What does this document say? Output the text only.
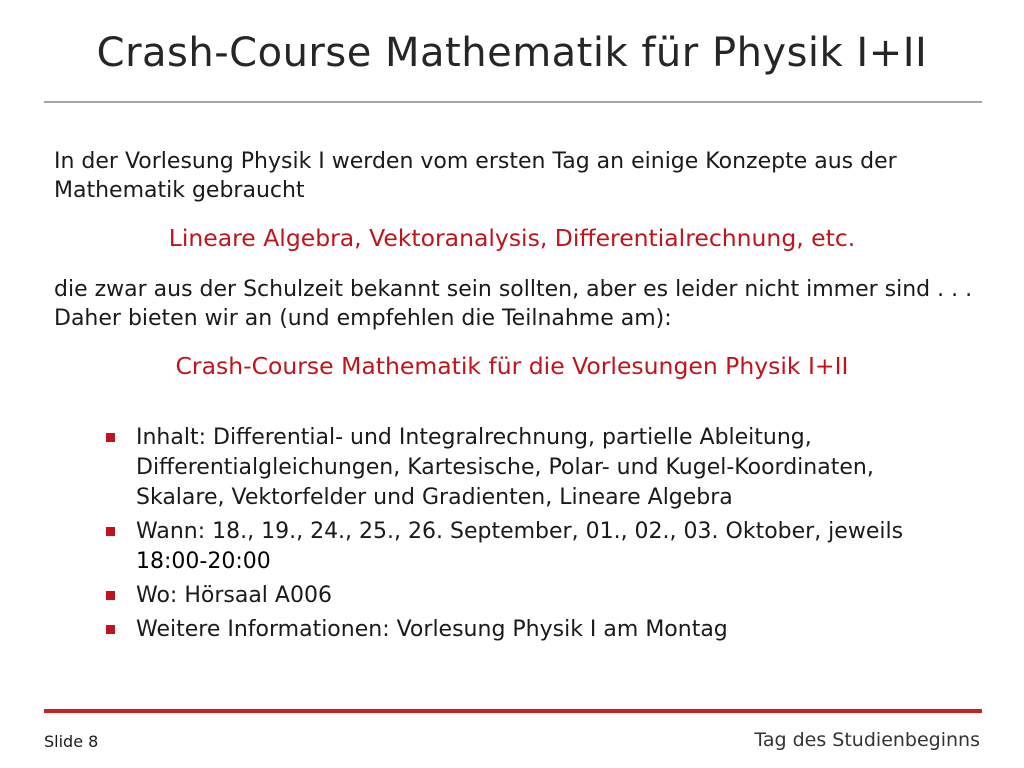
Crash-Course Mathematik für Physik I+II
In der Vorlesung Physik I werden vom ersten Tag an einige Konzepte aus der Mathematik gebraucht
Lineare Algebra, Vektoranalysis, Differentialrechnung, etc.
die zwar aus der Schulzeit bekannt sein sollten, aber es leider nicht immer sind . . . Daher bieten wir an (und empfehlen die Teilnahme am):
Crash-Course Mathematik für die Vorlesungen Physik I+II
Inhalt: Differential- und Integralrechnung, partielle Ableitung, Differentialgleichungen, Kartesische, Polar- und Kugel-Koordinaten, Skalare, Vektorfelder und Gradienten, Lineare Algebra
Wann: 18., 19., 24., 25., 26. September, 01., 02., 03. Oktober, jeweils 18:00-20:00
Wo: Hörsaal A006
Weitere Informationen: Vorlesung Physik I am Montag
Slide 8	Tag des Studienbeginns
